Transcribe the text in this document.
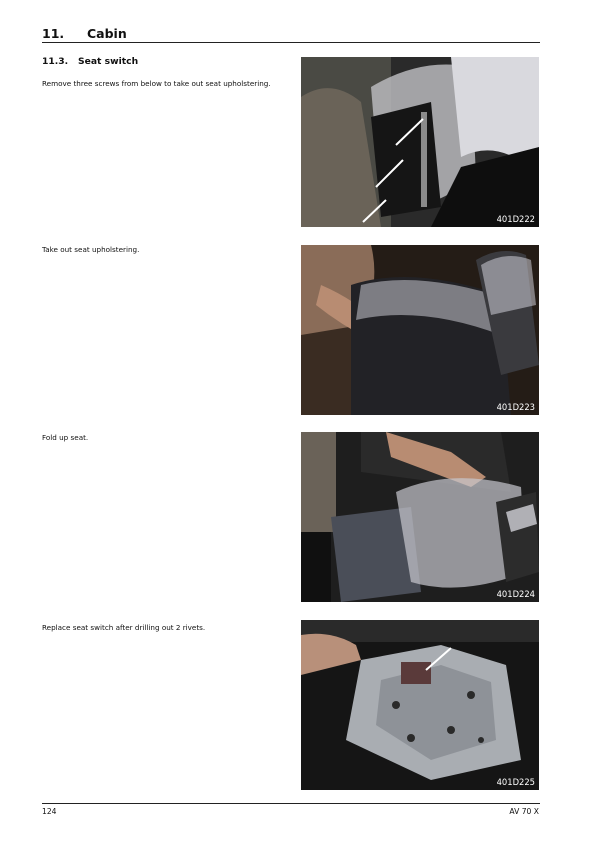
11. Cabin
11.3. Seat switch
Remove three screws from below to take out seat upholstering.
401D222
Take out seat upholstering.
401D223
Fold up seat.
401D224
Replace seat switch after drilling out 2 rivets.
401D225
124	AV 70 X
